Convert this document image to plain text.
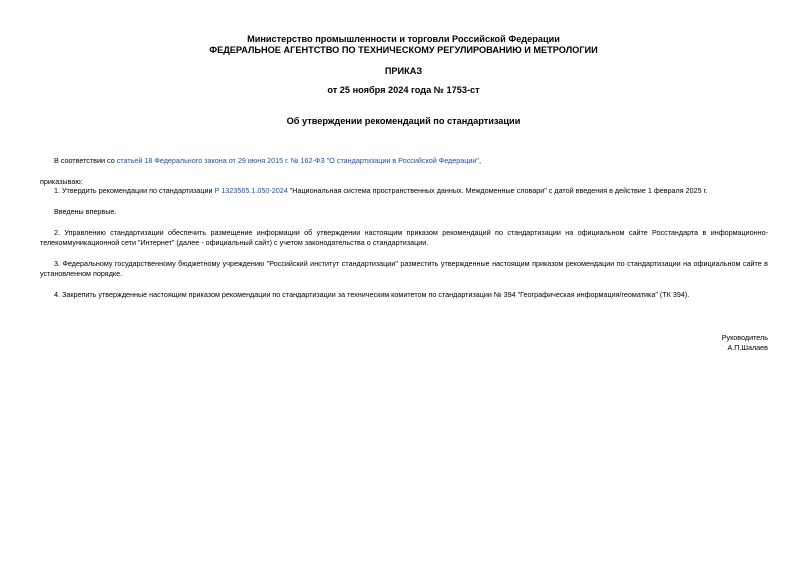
Министерство промышленности и торговли Российской Федерации
ФЕДЕРАЛЬНОЕ АГЕНТСТВО ПО ТЕХНИЧЕСКОМУ РЕГУЛИРОВАНИЮ И МЕТРОЛОГИИ
ПРИКАЗ
от 25 ноября 2024 года № 1753-ст
Об утверждении рекомендаций по стандартизации

В соответствии со статьей 18 Федерального закона от 29 июня 2015 г. № 162-ФЗ "О стандартизации в Российской Федерации",

приказываю:

1. Утвердить рекомендации по стандартизации Р 1323565.1.050-2024 "Национальная система пространственных данных. Междоменные словари" с датой введения в действие 1 февраля 2025 г.

Введены впервые.

2. Управлению стандартизации обеспечить размещение информации об утверждении настоящим приказом рекомендаций по стандартизации на официальном сайте Росстандарта в информационно-телекоммуникационной сети "Интернет" (далее - официальный сайт) с учетом законодательства о стандартизации.

3. Федеральному государственному бюджетному учреждению "Российский институт стандартизации" разместить утвержденные настоящим приказом рекомендации по стандартизации на официальном сайте в установленном порядке.

4. Закрепить утвержденные настоящим приказом рекомендации по стандартизации за техническим комитетом по стандартизации № 394 "Географическая информация/геоматика" (ТК 394).

Руководитель
А.П.Шалаев
